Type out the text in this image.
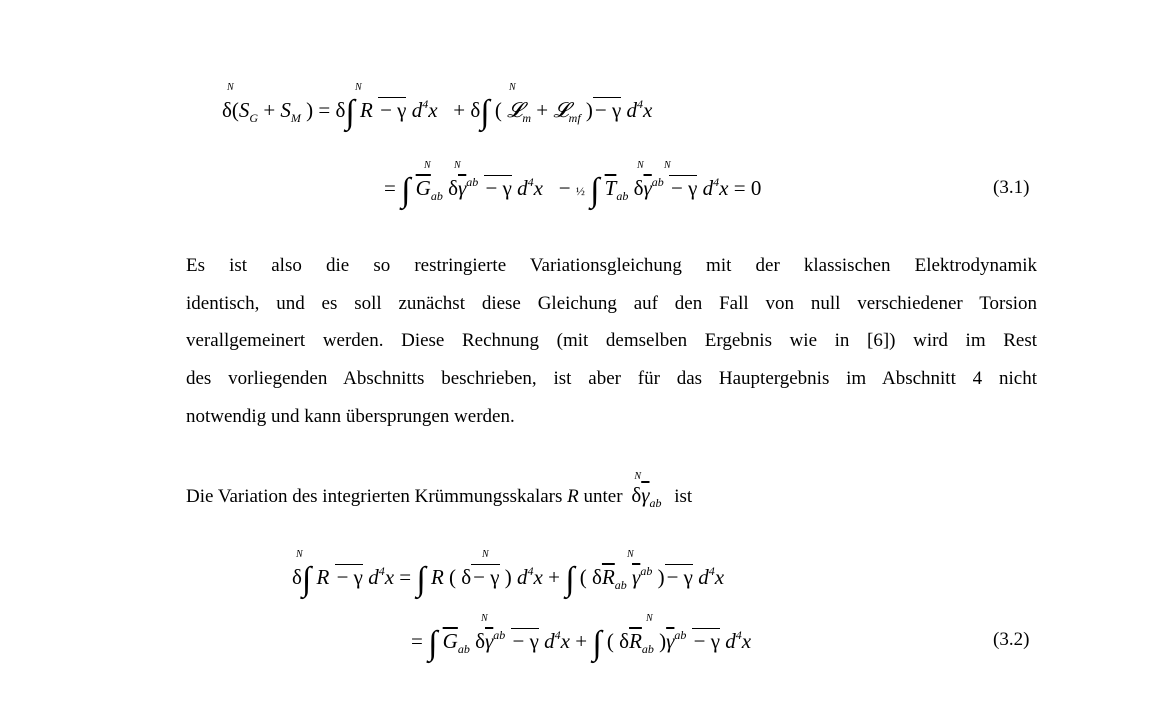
N
$\delta(S_G + S_M$ ) =
N
δ∫ R − γ $d^4x$   +
N
δ∫ ( 𝓛$_m$ + 𝓛$_{mf}$ )− γ $d^4x$
= ∫
N
$\overline{G}_{ab}$
N
$\delta\overline{\gamma}^{ab} - \gamma$ $d^4x$   − ½ ∫
N
$\overline{T}_{ab}$
N
$\delta\overline{\gamma}^{ab} - \gamma$ $d^4x = 0$	(3.1)
Es ist also die so restringierte Variationsgleichung mit der klassischen Elektrodynamik
identisch, und es soll zunächst diese Gleichung auf den Fall von null verschiedener Torsion
verallgemeinert werden. Diese Rechnung (mit demselben Ergebnis wie in [6]) wird im Rest
des vorliegenden Abschnitts beschrieben, ist aber für das Hauptergebnis im Abschnitt 4 nicht
notwendig und kann übersprungen werden.
Die Variation des integrierten Krümmungsskalars R unter
N
$\delta\overline{\gamma}_{ab}$ ist
N
δ∫ R − γ $d^4x$ = ∫ R (
N
δ− γ ) $d^4x$ + ∫ (
N
$\delta\overline{R}_{ab}$ $\gamma^{ab}$ )− γ $d^4x$
= ∫ $\overline{G}_{ab}$
N
$\delta\overline{\gamma}^{ab} - \gamma$ $d^4x$ + ∫ (
N
$\delta\overline{R}_{ab}$ )$\overline{\gamma}^{ab} - \gamma$ $d^4x$	(3.2)
